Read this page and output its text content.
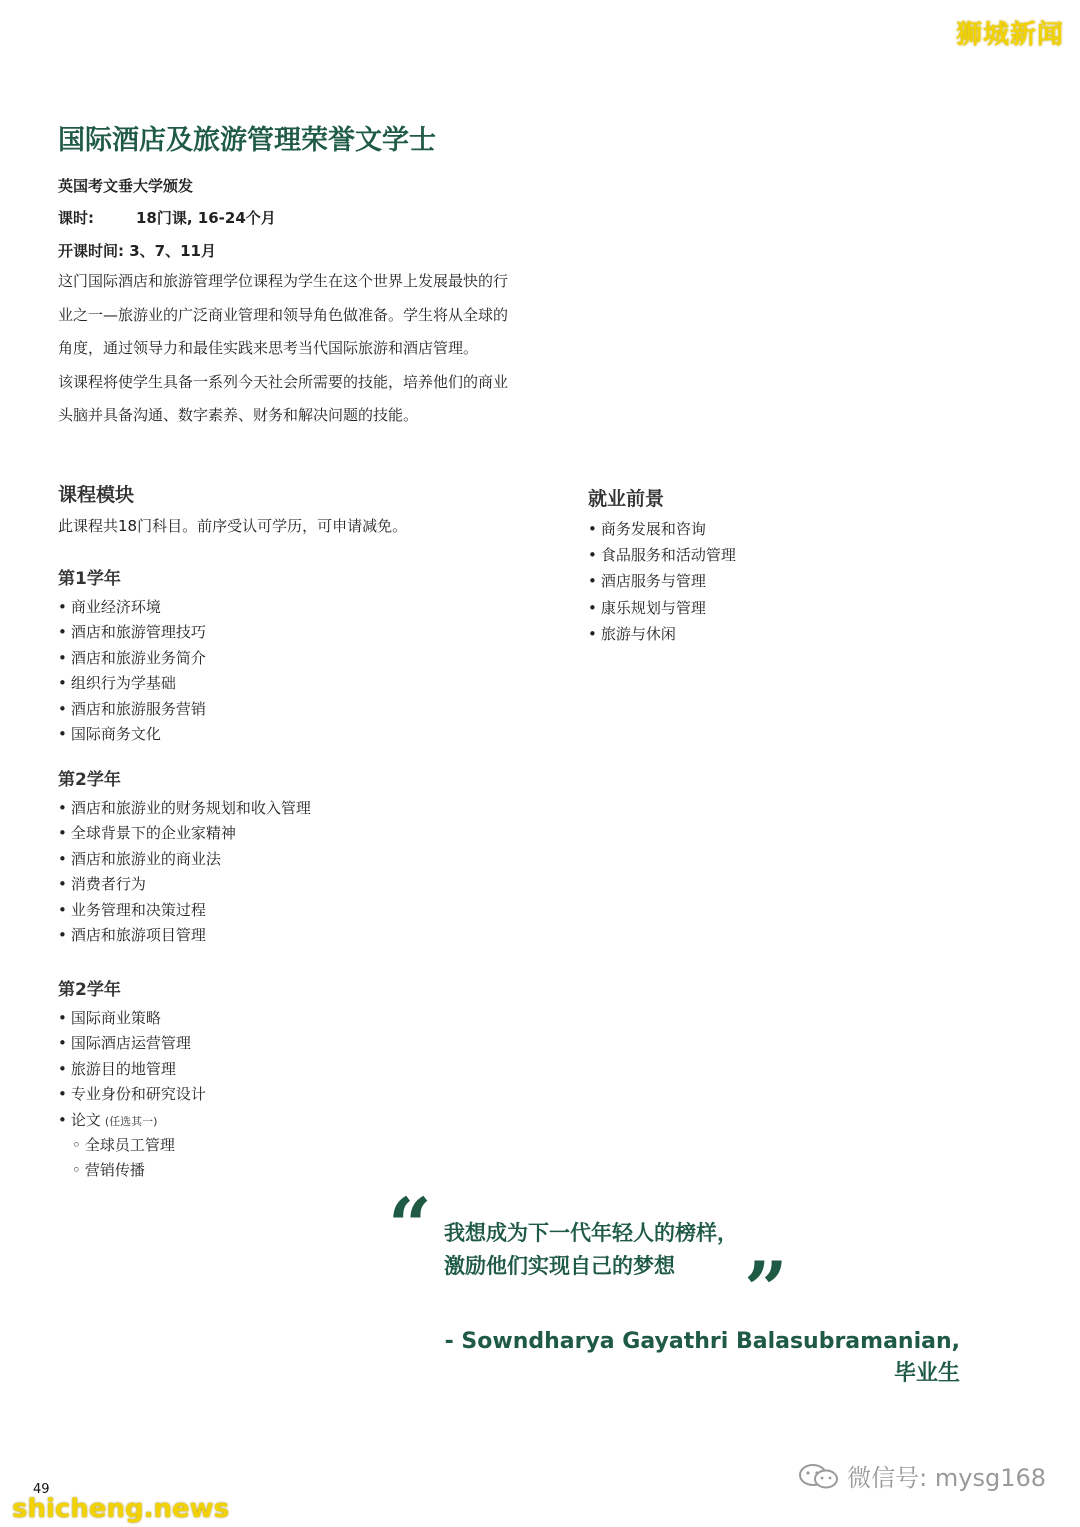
狮城新闻
国际酒店及旅游管理荣誉文学士
英国考文垂大学颁发
课时:	18门课, 16-24个月
开课时间: 3、7、11月

这门国际酒店和旅游管理学位课程为学生在这个世界上发展最快的行业之一—旅游业的广泛商业管理和领导角色做准备。学生将从全球的角度，通过领导力和最佳实践来思考当代国际旅游和酒店管理。

该课程将使学生具备一系列今天社会所需要的技能，培养他们的商业头脑并具备沟通、数字素养、财务和解决问题的技能。

课程模块
此课程共18门科目。前序受认可学历，可申请减免。
第1学年
• 商业经济环境
• 酒店和旅游管理技巧
• 酒店和旅游业务简介
• 组织行为学基础
• 酒店和旅游服务营销
• 国际商务文化
第2学年
• 酒店和旅游业的财务规划和收入管理
• 全球背景下的企业家精神
• 酒店和旅游业的商业法
• 消费者行为
• 业务管理和决策过程
• 酒店和旅游项目管理
第2学年
• 国际商业策略
• 国际酒店运营管理
• 旅游目的地管理
• 专业身份和研究设计
• 论文 (任选其一)
◦ 全球员工管理
◦ 营销传播
就业前景
• 商务发展和咨询
• 食品服务和活动管理
• 酒店服务与管理
• 康乐规划与管理
• 旅游与休闲
“ 我想成为下一代年轻人的榜样，
激励他们实现自己的梦想 ”
- Sowndharya Gayathri Balasubramanian,
毕业生
49
shicheng.news
微信号: mysg168
